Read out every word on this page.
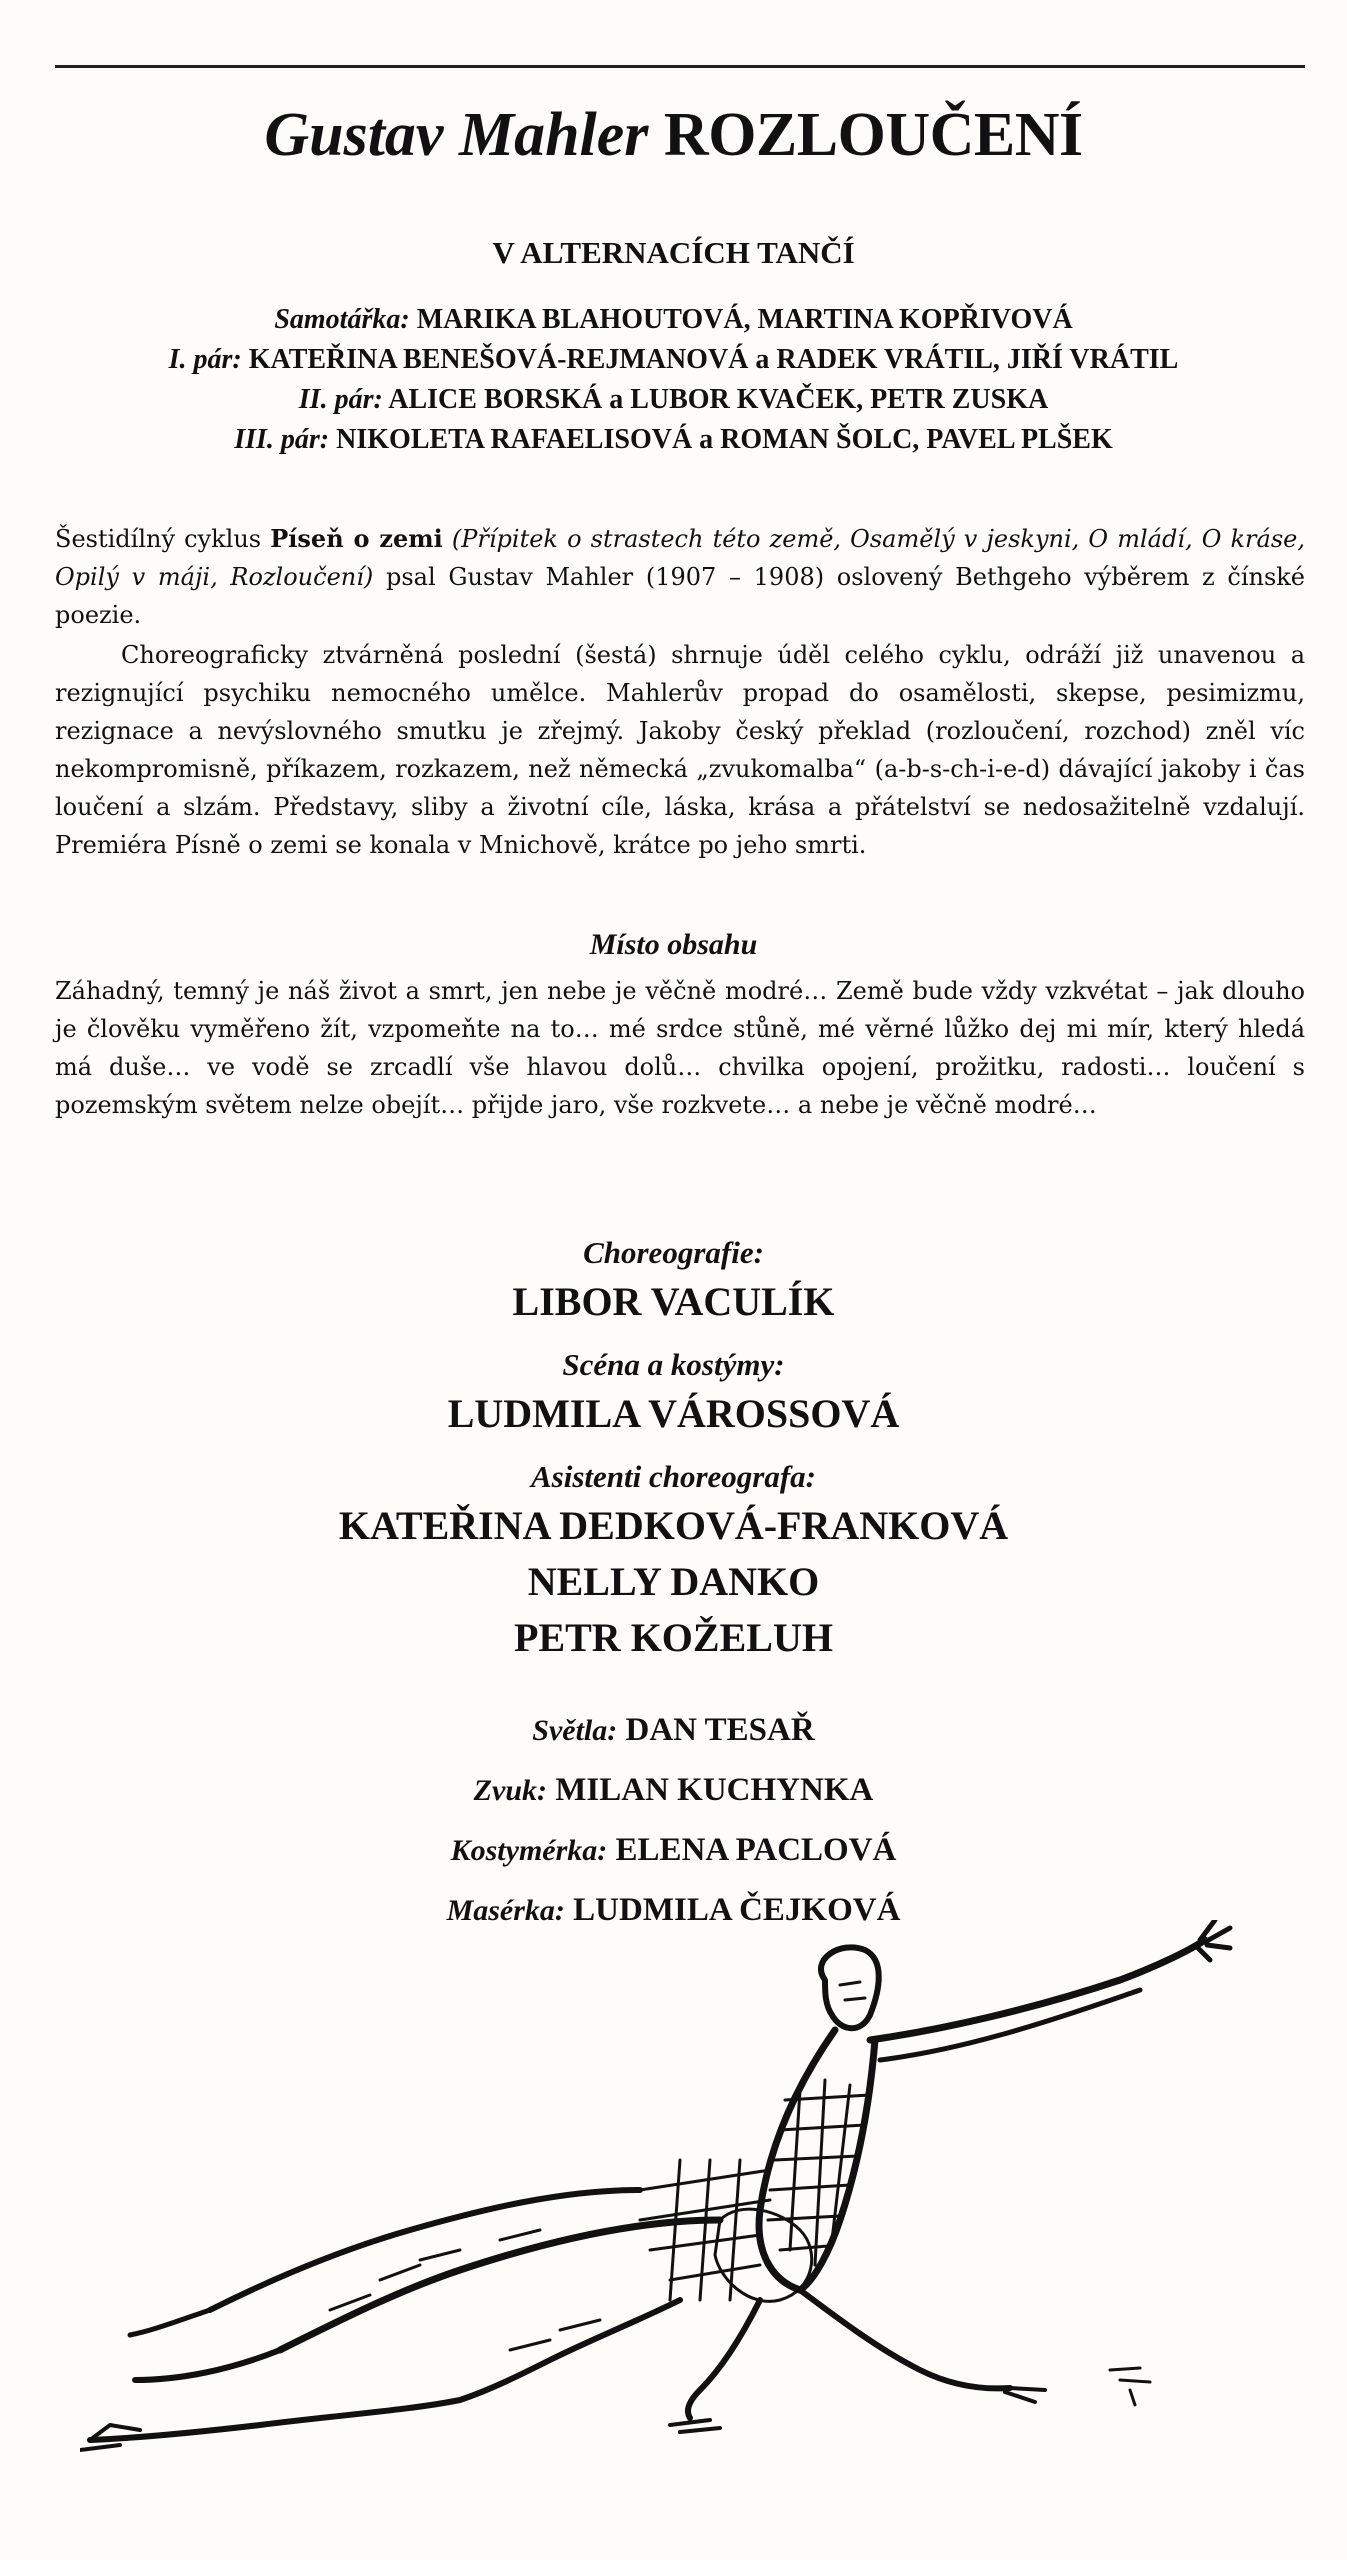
Gustav Mahler ROZLOUČENÍ
V ALTERNACÍCH TANČÍ
Samotářka: MARIKA BLAHOUTOVÁ, MARTINA KOPŘIVOVÁ
I. pár: KATEŘINA BENEŠOVÁ-REJMANOVÁ a RADEK VRÁTIL, JIŘÍ VRÁTIL
II. pár: ALICE BORSKÁ a LUBOR KVAČEK, PETR ZUSKA
III. pár: NIKOLETA RAFAELISOVÁ a ROMAN ŠOLC, PAVEL PLŠEK

Šestidílný cyklus Píseň o zemi (Přípitek o strastech této země, Osamělý v jeskyni, O mládí, O kráse, Opilý v máji, Rozloučení) psal Gustav Mahler (1907 – 1908) oslovený Bethgeho výběrem z čínské poezie.

Choreograficky ztvárněná poslední (šestá) shrnuje úděl celého cyklu, odráží již unavenou a rezignující psychiku nemocného umělce. Mahlerův propad do osamělosti, skepse, pesimizmu, rezignace a nevýslovného smutku je zřejmý. Jakoby český překlad (rozloučení, rozchod) zněl víc nekompromisně, příkazem, rozkazem, než německá „zvukomalba“ (a-b-s-ch-i-e-d) dávající jakoby i čas loučení a slzám. Představy, sliby a životní cíle, láska, krása a přátelství se nedosažitelně vzdalují. Premiéra Písně o zemi se konala v Mnichově, krátce po jeho smrti.

Místo obsahu

Záhadný, temný je náš život a smrt, jen nebe je věčně modré… Země bude vždy vzkvétat – jak dlouho je člověku vyměřeno žít, vzpomeňte na to… mé srdce stůně, mé věrné lůžko dej mi mír, který hledá má duše… ve vodě se zrcadlí vše hlavou dolů… chvilka opojení, prožitku, radosti… loučení s pozemským světem nelze obejít… přijde jaro, vše rozkvete… a nebe je věčně modré…

Choreografie:
LIBOR VACULÍK
Scéna a kostýmy:
LUDMILA VÁROSSOVÁ
Asistenti choreografa:
KATEŘINA DEDKOVÁ-FRANKOVÁ
NELLY DANKO
PETR KOŽELUH
Světla: DAN TESAŘ
Zvuk: MILAN KUCHYNKA
Kostymérka: ELENA PACLOVÁ
Masérka: LUDMILA ČEJKOVÁ
